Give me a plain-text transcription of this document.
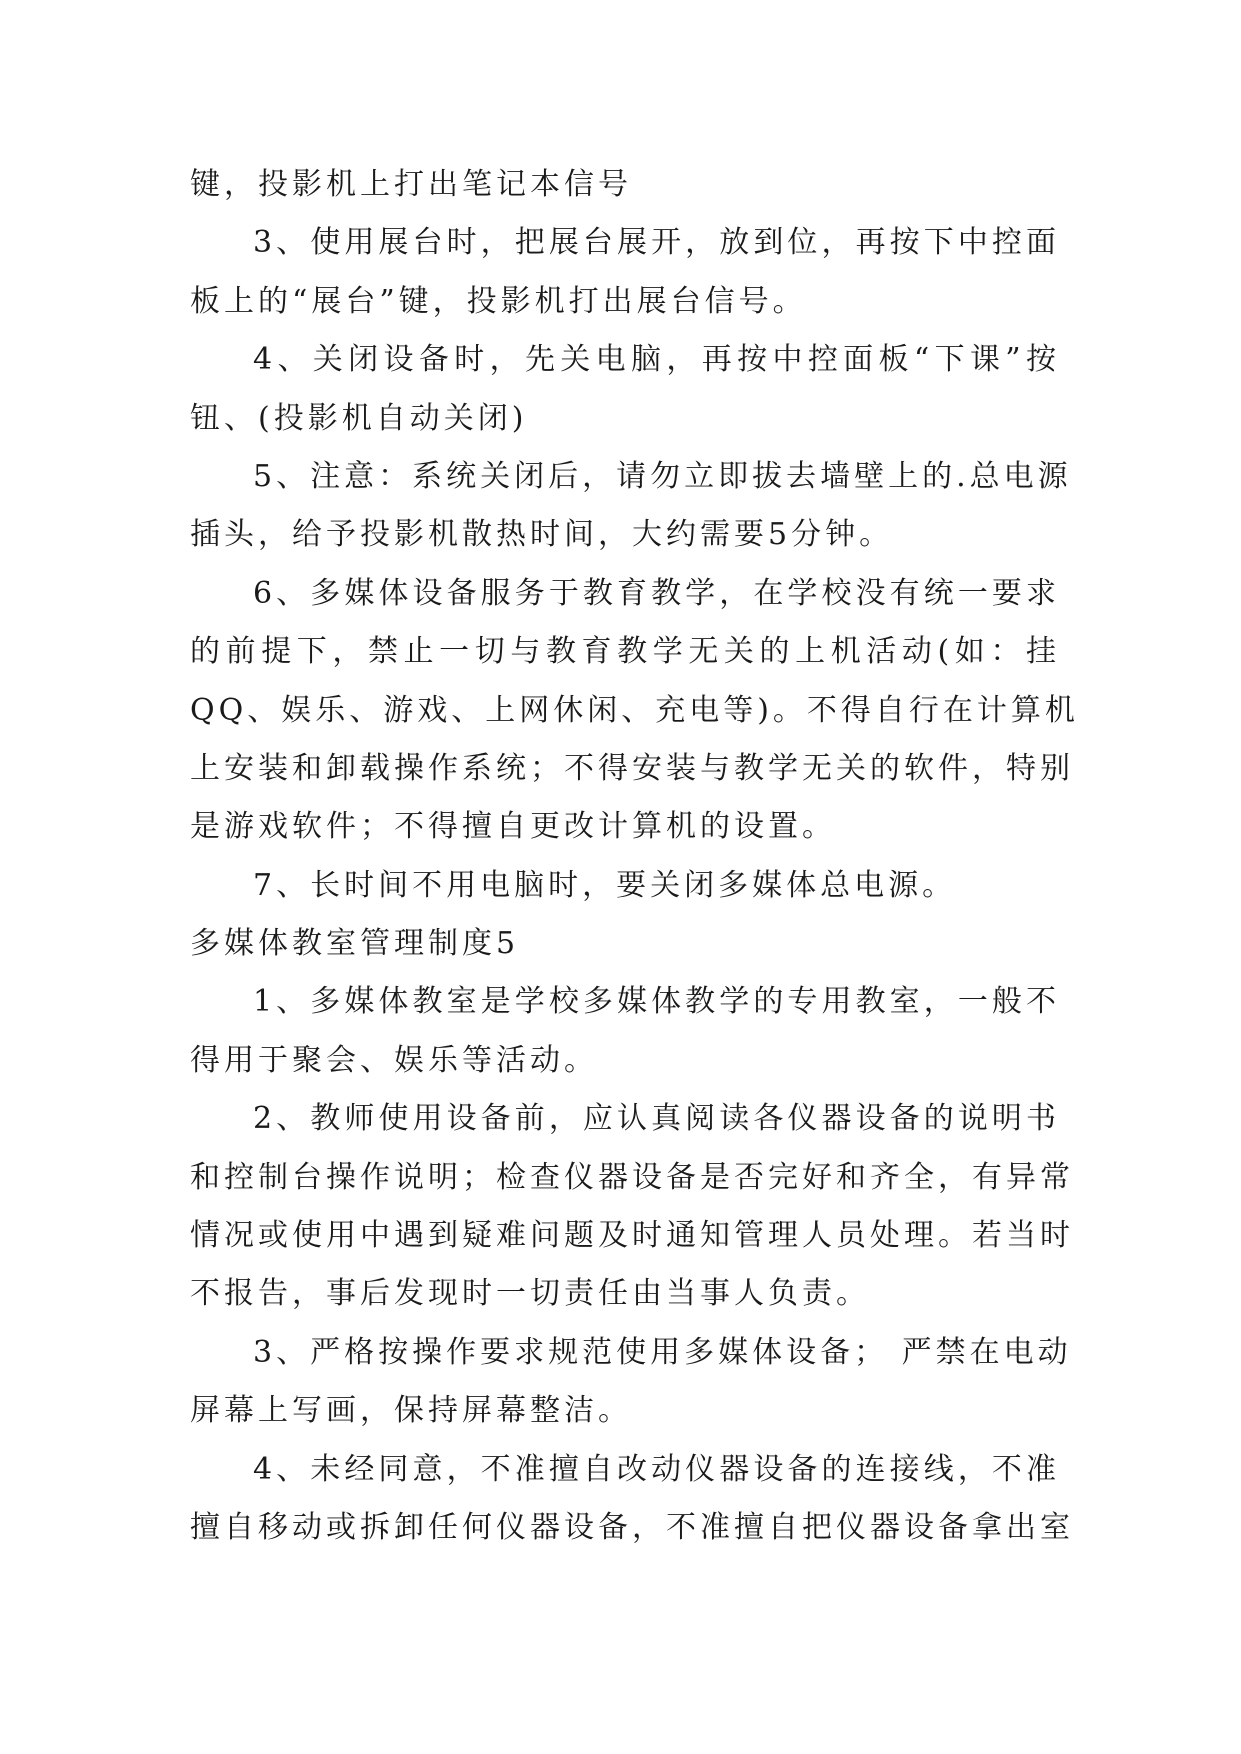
键，投影机上打出笔记本信号

3、使用展台时，把展台展开，放到位，再按下中控面

板上的“展台”键，投影机打出展台信号。

4、关闭设备时，先关电脑，再按中控面板“下课”按

钮、(投影机自动关闭)

5、注意：系统关闭后，请勿立即拔去墙壁上的.总电源

插头，给予投影机散热时间，大约需要5分钟。

6、多媒体设备服务于教育教学，在学校没有统一要求

的前提下，禁止一切与教育教学无关的上机活动(如：挂

QQ、娱乐、游戏、上网休闲、充电等)。不得自行在计算机

上安装和卸载操作系统；不得安装与教学无关的软件，特别

是游戏软件；不得擅自更改计算机的设置。

7、长时间不用电脑时，要关闭多媒体总电源。

多媒体教室管理制度5

1、多媒体教室是学校多媒体教学的专用教室，一般不

得用于聚会、娱乐等活动。

2、教师使用设备前，应认真阅读各仪器设备的说明书

和控制台操作说明；检查仪器设备是否完好和齐全，有异常

情况或使用中遇到疑难问题及时通知管理人员处理。若当时

不报告，事后发现时一切责任由当事人负责。

3、严格按操作要求规范使用多媒体设备； 严禁在电动

屏幕上写画，保持屏幕整洁。

4、未经同意，不准擅自改动仪器设备的连接线，不准

擅自移动或拆卸任何仪器设备，不准擅自把仪器设备拿出室
